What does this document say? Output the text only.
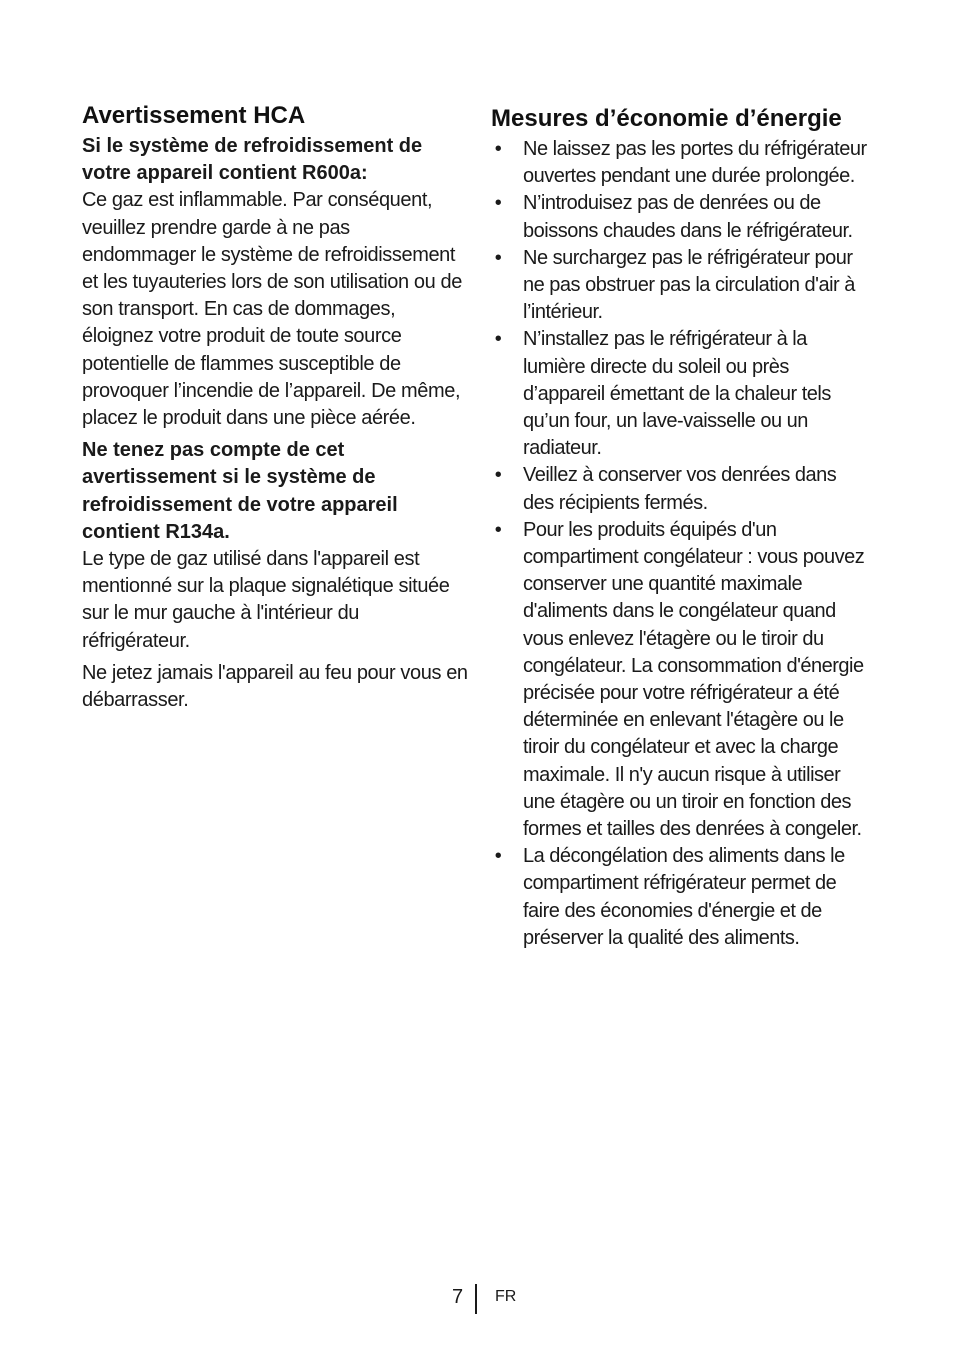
Avertissement HCA

Si le système de refroidissement de votre appareil contient R600a:

Ce gaz est inflammable. Par conséquent, veuillez prendre garde à ne pas endommager le système de refroidissement et les tuyauteries lors de son utilisation ou de son transport. En cas de dommages, éloignez votre produit de toute source potentielle de flammes susceptible de provoquer l’incendie de l’appareil. De même, placez le produit dans une pièce aérée.

Ne tenez pas compte de cet avertissement si le système de refroidissement de votre appareil contient R134a.

Le type de gaz utilisé dans l'appareil est mentionné sur la plaque signalétique située sur le mur gauche à l'intérieur du réfrigérateur.

Ne jetez jamais l'appareil au feu pour vous en débarrasser.

Mesures d’économie d’énergie
• Ne laissez pas les portes du réfrigérateur ouvertes pendant une durée prolongée.
• N’introduisez pas de denrées ou de boissons chaudes dans le réfrigérateur.
• Ne surchargez pas le réfrigérateur pour ne pas obstruer pas la circulation d'air à l’intérieur.
• N’installez pas le réfrigérateur à la lumière directe du soleil ou près d’appareil émettant de la chaleur tels qu’un four, un lave-vaisselle ou un radiateur.
• Veillez à conserver vos denrées dans des récipients fermés.
• Pour les produits équipés d'un compartiment congélateur : vous pouvez conserver une quantité maximale d'aliments dans le congélateur quand vous enlevez l'étagère ou le tiroir du congélateur. La consommation d'énergie précisée pour votre réfrigérateur a été déterminée en enlevant l'étagère ou le tiroir du congélateur et avec la charge maximale. Il n'y aucun risque à utiliser une étagère ou un tiroir en fonction des formes et tailles des denrées à congeler.
• La décongélation des aliments dans le compartiment réfrigérateur permet de faire des économies d'énergie et de préserver la qualité des aliments.
7 FR
